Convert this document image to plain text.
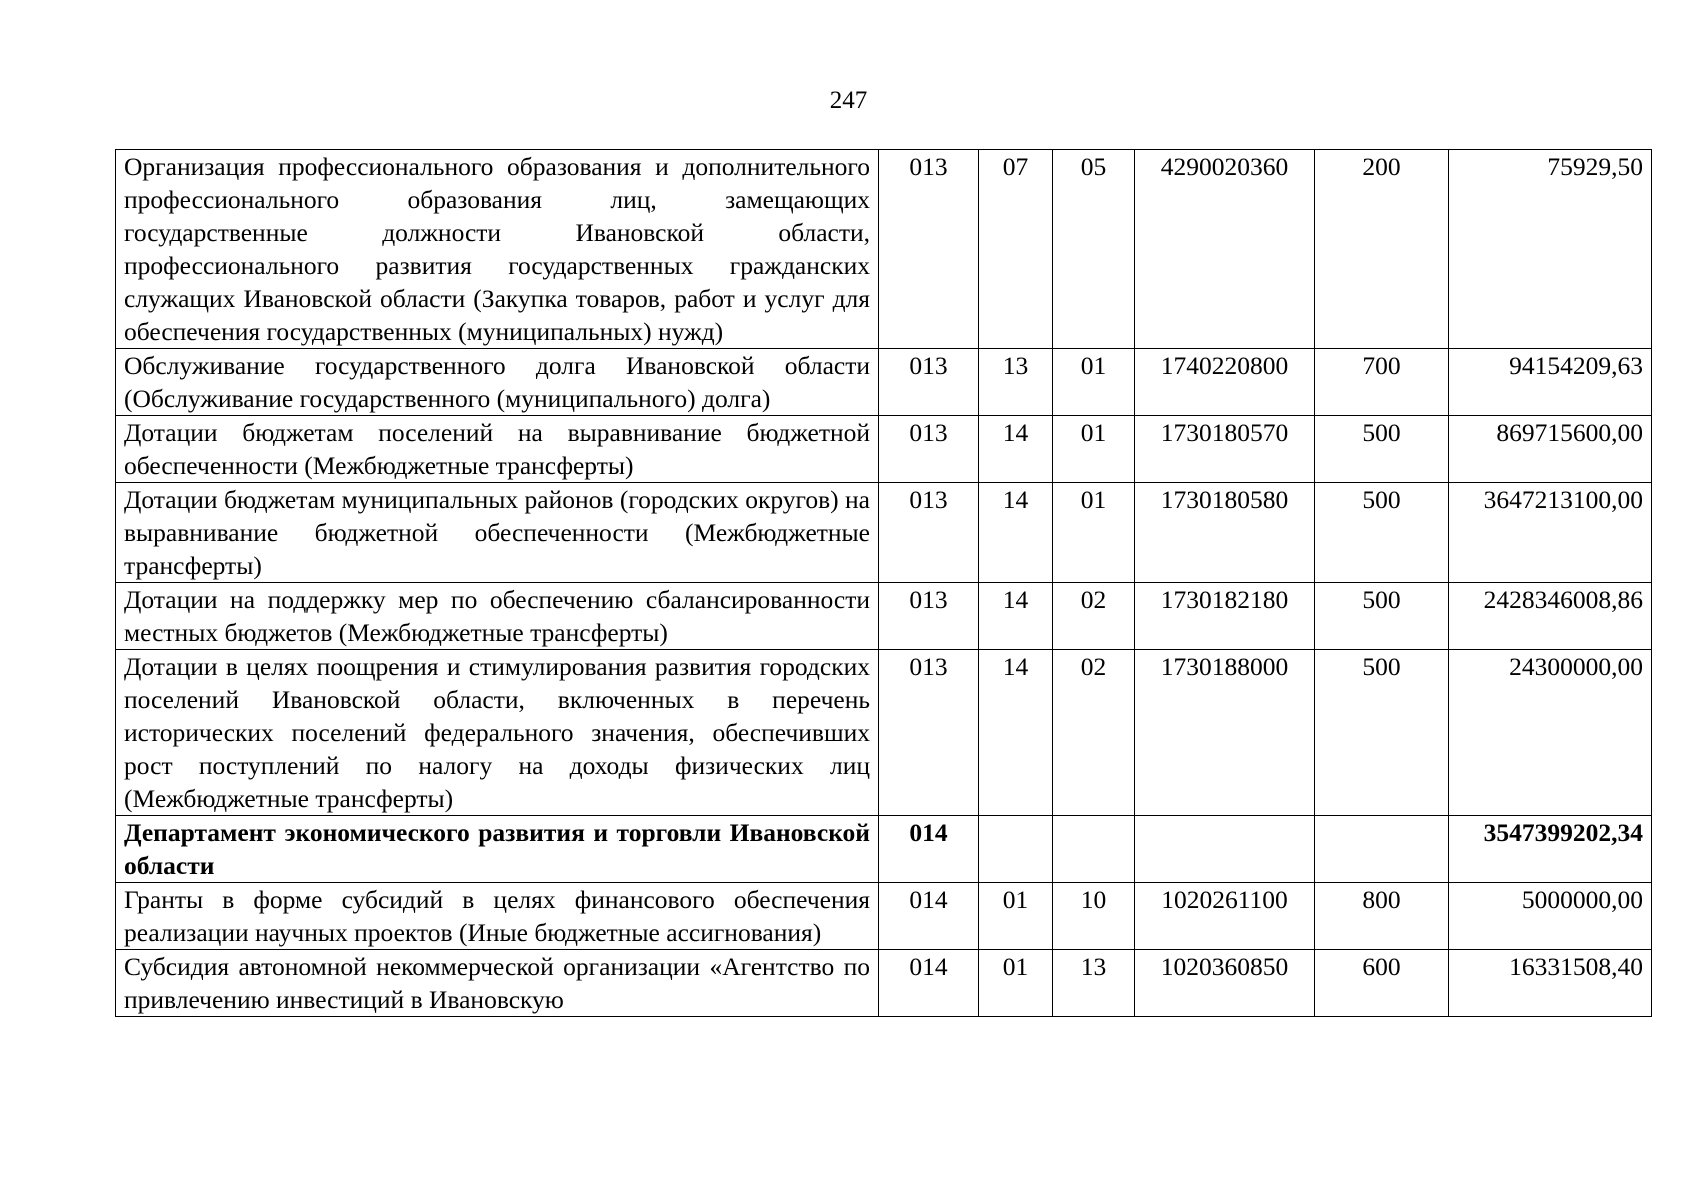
247
Организация профессионального образования и дополнительного профессионального образования лиц, замещающих государственные должности Ивановской области, профессионального развития государственных гражданских служащих Ивановской области (Закупка товаров, работ и услуг для обеспечения государственных (муниципальных) нужд)	013	07	05	4290020360	200	75929,50
Обслуживание государственного долга Ивановской области (Обслуживание государственного (муниципального) долга)	013	13	01	1740220800	700	94154209,63
Дотации бюджетам поселений на выравнивание бюджетной обеспеченности (Межбюджетные трансферты)	013	14	01	1730180570	500	869715600,00
Дотации бюджетам муниципальных районов (городских округов) на выравнивание бюджетной обеспеченности (Межбюджетные трансферты)	013	14	01	1730180580	500	3647213100,00
Дотации на поддержку мер по обеспечению сбалансированности местных бюджетов (Межбюджетные трансферты)	013	14	02	1730182180	500	2428346008,86
Дотации в целях поощрения и стимулирования развития городских поселений Ивановской области, включенных в перечень исторических поселений федерального значения, обеспечивших рост поступлений по налогу на доходы физических лиц (Межбюджетные трансферты)	013	14	02	1730188000	500	24300000,00
Департамент экономического развития и торговли Ивановской области	014					3547399202,34
Гранты в форме субсидий в целях финансового обеспечения реализации научных проектов (Иные бюджетные ассигнования)	014	01	10	1020261100	800	5000000,00
Субсидия автономной некоммерческой организации «Агентство по привлечению инвестиций в Ивановскую	014	01	13	1020360850	600	16331508,40
